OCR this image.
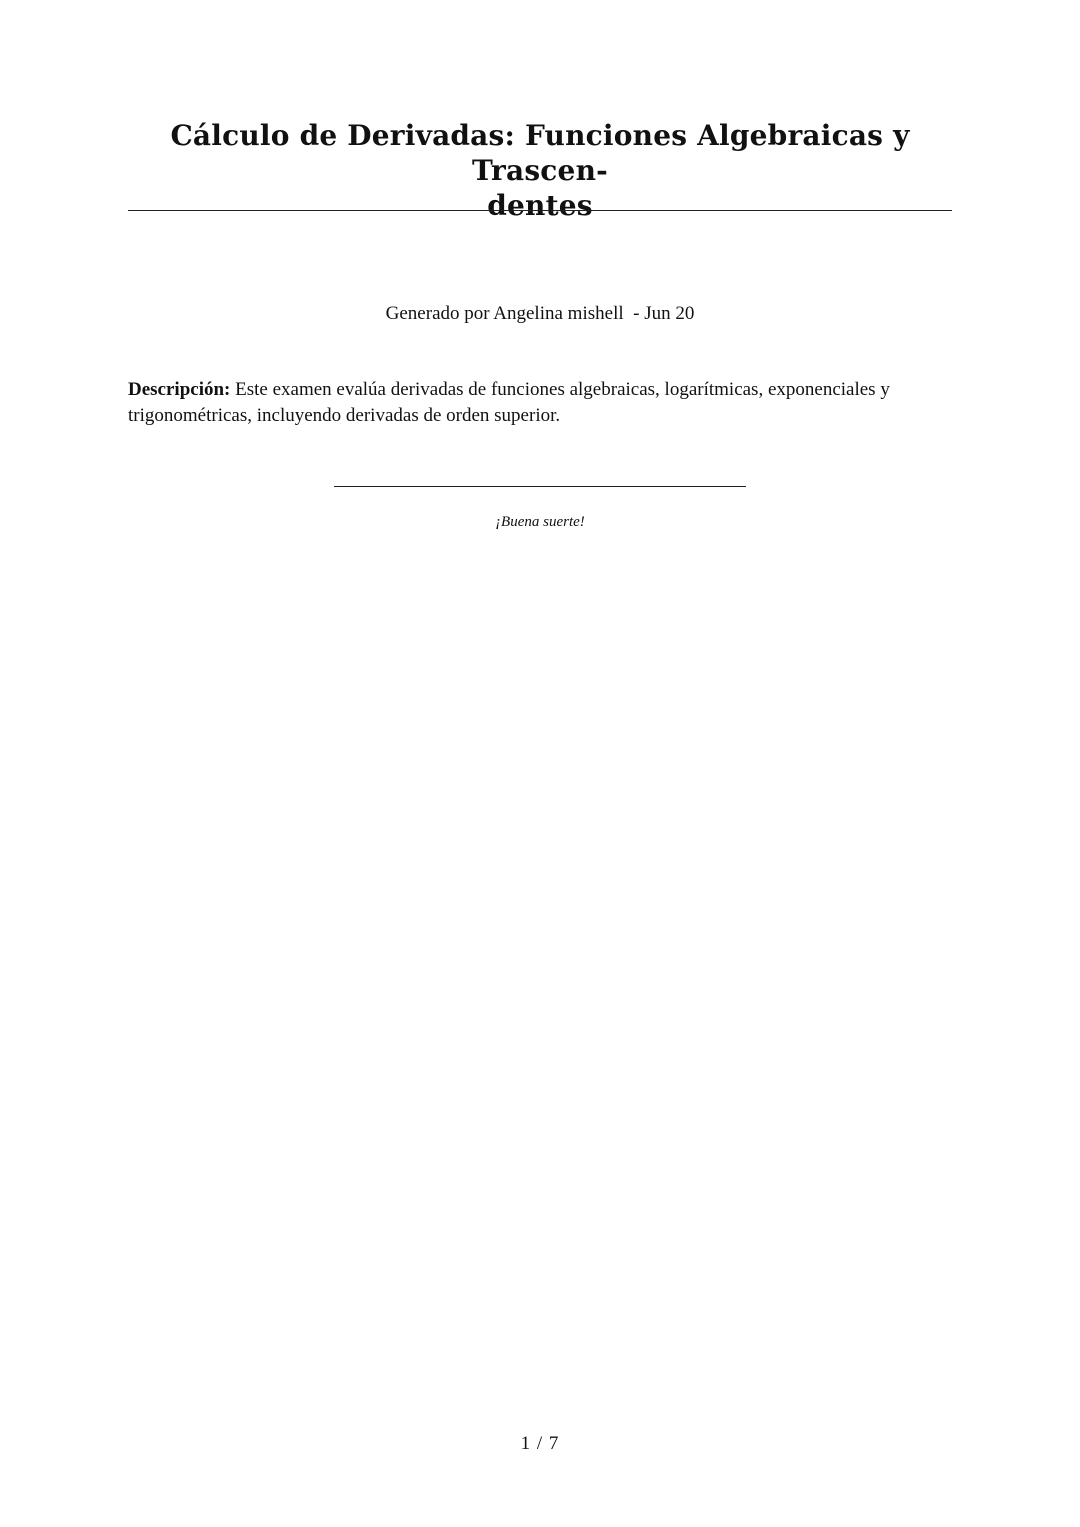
Cálculo de Derivadas: Funciones Algebraicas y Trascen-
dentes
Generado por Angelina mishell  - Jun 20
Descripción: Este examen evalúa derivadas de funciones algebraicas, logarítmicas, exponenciales y trigonométricas, incluyendo derivadas de orden superior.
¡Buena suerte!
1 / 7
